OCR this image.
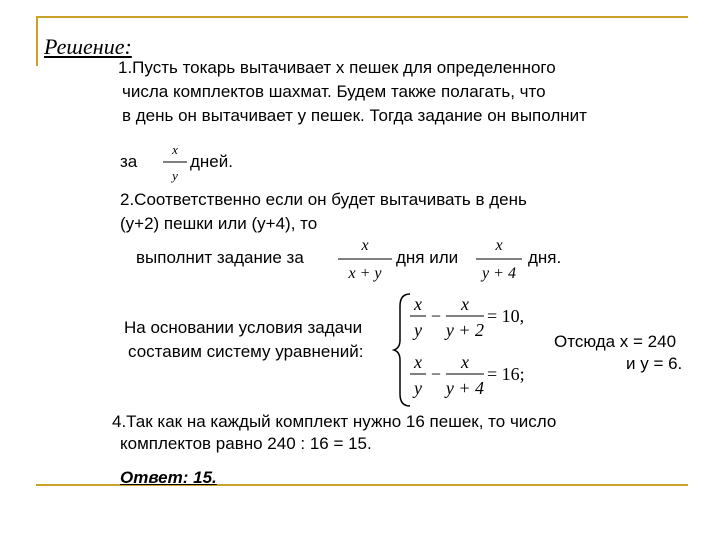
Решение:
1.Пусть токарь вытачивает х пешек для определенного
числа комплектов шахмат. Будем также полагать, что
в день он вытачивает у пешек. Тогда задание он выполнит
за
x
y
дней.
2.Соответственно если он будет вытачивать в день
(у+2) пешки или (у+4), то
выполнит задание за
x
x + y
дня или
x
y + 4
дня.
На основании условия задачи
составим систему уравнений:
x
y
−
x
y + 2
= 10,
x
y
−
x
y + 4
= 16;
Отсюда х = 240
и у = 6.
4.Так как на каждый комплект нужно 16 пешек, то число
комплектов равно 240 : 16 = 15.
Ответ: 15.
